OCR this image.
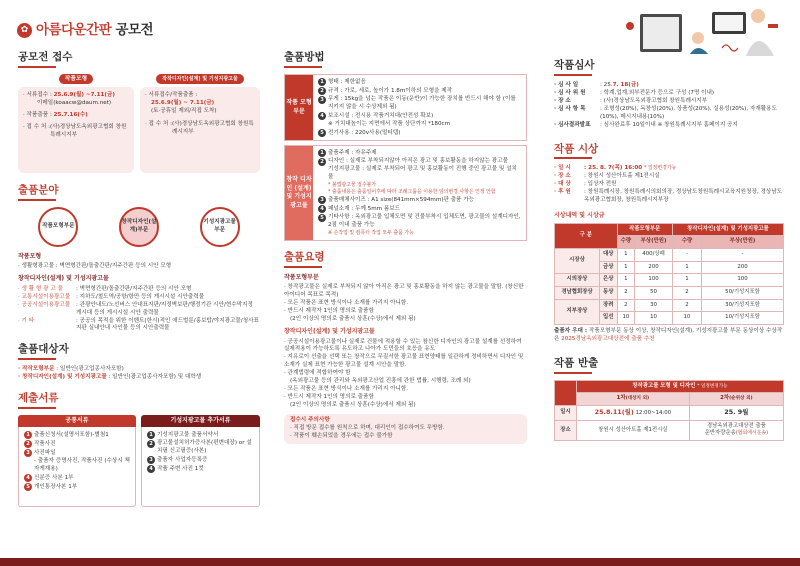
✿ 아름다운간판 공모전
공모전 접수
작품모형
· 서류접수 : 25.6.9(월) ~7.11(금)
이메일(koaacw@daum.net)
· 작품출품 : 25.7.16(수)
· 접 수 처 : (사)경상남도옥외광고협회 창원특례시지부
작작디자인(설계) 및 기성지광고물
· 서류접수/작품출품 :
25.6.9(월) ~ 7.11(금)
(토·공휴일 제외/직접 도착)
· 접 수 처 : (사)경상남도옥외광고협회 창원특례시지부
출품분야
작품모형부문
창작디자인(설계)부문
기성지광고물부문
작품모형
· 생활형광고물 : 벽면형간판/돌출간판/지주간판 등의 시안 모형
창작디자인(설계) 및 기성지광고물
· 생 활 형 광 고 물	: 벽면형간판/돌출간판/지주간판 등의 시안 모형
· 교통시설이용광고물	: 지하도/철도역/공항/항만 등의 게시시설 시안출력물
· 공공시설이용광고물	: 관광안내도/노선버스 안내표지판/지정벽보판/행정기관 시안/현수막지정 게시대 등의 게시시설 시안 출력물
· 기 타	: 공공의 목적을 위한 이벤트(한시)적인 애드벌룬/홍보탑/야지광고물/청사표지판 실내안내 사인물 등의 시안출력물
출품대상자
· 작작모형부문 : 일반인(광고업종사자포함)
· 창작디자인(설계) 및 기성지광고물 : 일반인(광고업종사자포함) 및 대학생
제출서류
공통서류
1 출품신청서(설명서포함)-별첨1
2 작품사진
3 사진파일
- 출품자 증명사진, 작품사진 (수상시 책자게재용)
4 신분증 사본 1부
5 개인통장사본 1부
기성지광고물 추가서류
1 기성지광고물 출품서약서
2 광고물설치허가증사본(편변대장) or 설치필 신고필증(사본)
3 출품자 사업자등록증
4 작품 주변 사진 1컷
출품방법
작품 모형 부문
1 형태 : 제한없음
2 규격 : 가로, 세로, 높이가 1.8m이하의 모형을 제작
3 무게 : 15kg을 넘는 작품은 이동(운반)이 가능한 장치를 반드시 해야 함 (이를 지키지 않을 시 수상제외 됨)
4 보조시설 : 전시용 작품거치대(안전성 확보)
※ 거치대높이는 지면에서 작품 상단까지 *180cm
5 전기사용 : 220v사용(멀티탭)
창작 디자인 (설계) 및 기성지 광고물
1 출품주제 : 자유주제
2 디자인 : 실제로 부착되지않아 아직은 광고 및 홍보활동을 하지않는 광고물
기성지광고물 : 실제로 부착되어 광고 및 홍보활동이 진행 중인 광고물 및 설치물
* 불법광고물 접수불가
* 출품내용은 출품일이후에 따라 조례그룹을 이용한 임의변경 사항은 인정 안함
3 출품매체사이즈 : A1 size(841mm×594mm)판 출품 가능
4 패널소재 : 두께 5mm 폼보드
5 기타사항 : 옥외광고물 입체도면 및 건물부착시 입체도면, 광고물의 설계디자인, 2점 이내 출품 가능
※ 손작업 및 컴퓨터 작업 모두 출품 가능
출품요령
작품모형부문
· 창작광고물은 실제로 부착되지 않아 아직은 광고 및 홍보활동을 하지 않는 광고물을 말함. (창신한 아이디어 목표로 목적)
· 모든 작품은 표현 방식이나 소재를 가리지 아니함.
· 반드시 제작자 1인의 명의로 출품함
(2인 이상의 명의로 출품시 상훈(수상)에서 제외 됨)
창작디자인(설계) 및 기성지광고물
· 공공시설이용광고물이나 실제로 건물에 적용할 수 있는 참신한 디자인의 광고물 설계를 선정하여 실제적용이 가능하도록 유도하고 나아가 도민들의 호응을 유도
· 지유로이 선출을 선택 또는 창작으로 무질서한 광고물 표현양태를 일관하게 정비하면서 디자인 및 소재가 실제 표현 가능한 광고물 설계 시안을 말함.
· 관계법령에 적합하여야 함
(옥외광고물 등의 관리와 옥외광고산업 진흥에 관한 법률, 시행령, 조례 외)
· 모든 작품은 표현 방식이나 소재를 가리지 아니함.
· 반드시 제작자 1인의 명의로 출품함
(2인 이상의 명의로 출품시 상훈(수상)에서 제외 됨)
접수시 주의사항
· 직접 방문 접수를 원칙으로 하며, 대리인이 접수하여도 무방함.
· 작품이 훼손되었을 경우에는 접수 불가함
작품심사
· 심 사 일	: 25.7. 18(금)
· 심 사 위 원	: 학계,업계,외부전문가 등으로 구성 (7명 이내)
· 장 소	: (사)경상남도옥외광고협회 창원특례시지부
· 심 사 항 목	: 조형성(20%), 독창성(20%), 상품성(20%), 실용성(20%), 자재활용도(10%), 메시지내용(10%)
· 심사결과발표	: 심사완료후 10일이내 ※ 창원특례시지부 홈페이지 공지
작품 시상
· 일 시	: 25. 8. 7(목) 16:00 * 일정변경가능
· 장 소	: 창원시 성산아트홀 제1전시실
· 대 상	: 입상자 전원
· 후 원	: 창원특례시장, 창원특례시의회의장, 경상남도창원특례시교육지원청장, 경상남도옥외광고협회장, 창원특례시지부장
시상내역 및 시상금
구 분		작품모형부문		창작디자인(설계) 및 기성지광고물	
		수량	부상(만원)	수량	부상(만원)
시장상	대상	1	400/상패	-	-
	금상	1	200	1	200
시의장상	은상	1	100	1	100
경남협회장상	동상	2	50	2	50/기성지포함
지부장상	장려	2	30	2	30/기성지포함
	입선	10	10	10	10/기성지포함
출품자 우대 : 작품모형부문 동상 이상, 창작디자인(설계), 기성지광고물 부문 동상이상 수상작은 2025경남옥외광고대상전에 출품 추천
작품 반출
	창작광고물 모형 및 디자인 * 일정변경가능	
	1차(대상지 외)	2차(순위상 외)
일시	25.8.11(월) 12:00~14:00	25. 9월
장소	창원시 성산아트홀 제1전시실	경남옥외광고대상전 출품
운반자량운송(협회에서운송)
